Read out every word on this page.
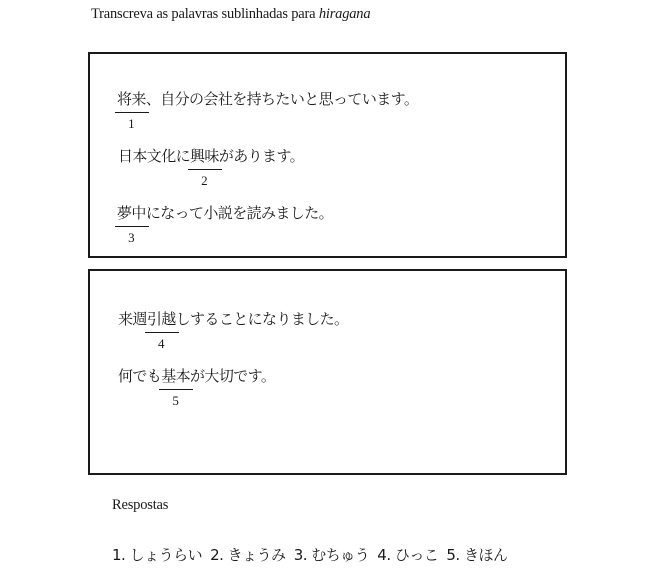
Transcreva as palavras sublinhadas para hiragana
将来
1
、自分の会社を持ちたいと思っています。
日本文化に興味
2
があります。
夢中
3
になって小説を読みました。
来週引越
4
しすることになりました。
何でも基本
5
が大切です。
Respostas
1. しょうらい 2. きょうみ 3. むちゅう 4. ひっこ 5. きほん
